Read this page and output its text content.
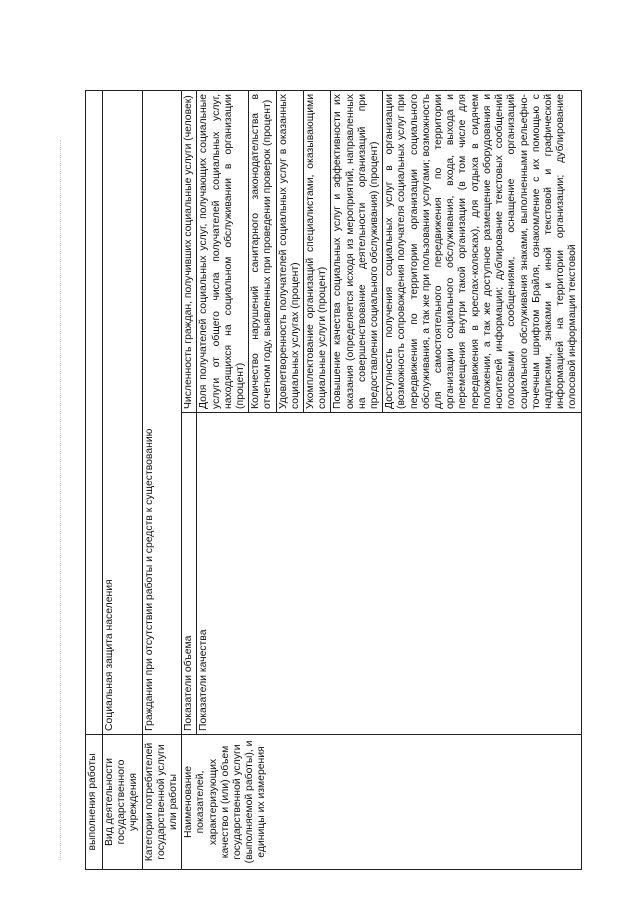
выполнения работы		
Вид деятельности государственного учреждения	Социальная защита населения	
Категории потребителей государственной услуги или работы	Граждании при отсутствии работы и средств к существованию	
Наименование показателей, характеризующих качество и (или) объем государственной услуги (выполняемой работы), и единицы их измерения	Показатели объема	Численность граждан, получивших социальные услуги (человек)
	Показатели качества	Доля получателей социальных услуг, получающих социальные услуги от общего числа получателей социальных услуг, находящихся на социальном обслуживании в организации (процент)
		Количество нарушений санитарного законодательства в отчетном году, выявленных при проведении проверок (процент)
		Удовлетворенность получателей социальных услуг в оказанных социальных услугах (процент)
		Укомплектование организаций специалистами, оказывающими социальные услуги (процент)
		Повышение качества социальных услуг и эффективности их оказания (определяется исходя из мероприятий, направленных на совершенствование деятельности организаций при предоставлении социального обслуживания) (процент)
		Доступность получения социальных услуг в организации (возможность сопровождения получателя социальных услуг при передвижении по территории организации социального обслуживания, а так же при пользовании услугами; возможность для самостоятельного передвижения по территории организации социального обслуживания, входа, выхода и перемещения внутри такой организации (в том числе для передвижения в креслах-колясках), для отдыха в сидячем положении, а так же доступное размещение оборудования и носителей информации; дублирование текстовых сообщений голосовыми сообщениями, оснащение организаций социального обслуживания знаками, выполненными рельефно-точечным шрифтом Брайля, ознакомление с их помощью с надписями, знаками и иной текстовой и графической информацией на территории организации; дублирование голосовой информации текстовой
